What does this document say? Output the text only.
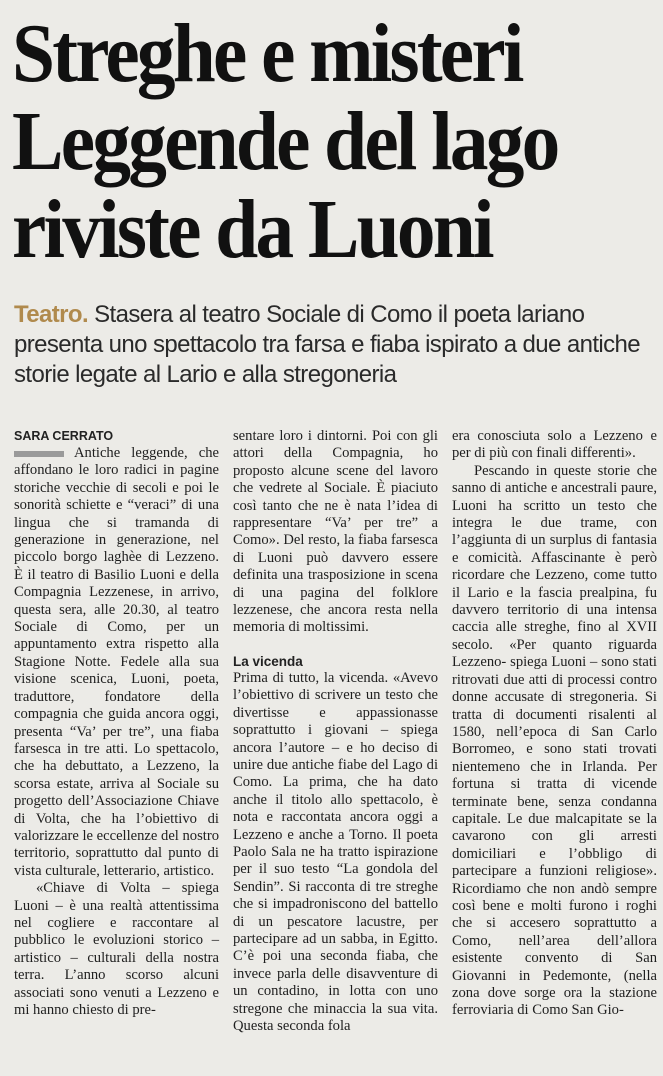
Streghe e misteri
Leggende del lago
riviste da Luoni
Teatro. Stasera al teatro Sociale di Como il poeta lariano presenta uno spettacolo tra farsa e fiaba ispirato a due antiche storie legate al Lario e alla stregoneria
SARA CERRATO

Antiche leggende, che affondano le loro radici in pagine storiche vecchie di secoli e poi le sonorità schiette e “veraci” di una lingua che si tramanda di generazione in generazione, nel piccolo borgo laghèe di Lezzeno. È il teatro di Basilio Luoni e della Compagnia Lezzenese, in arrivo, questa sera, alle 20.30, al teatro Sociale di Como, per un appuntamento extra rispetto alla Stagione Notte. Fedele alla sua visione scenica, Luoni, poeta, traduttore, fondatore della compagnia che guida ancora oggi, presenta “Va’ per tre”, una fiaba farsesca in tre atti. Lo spettacolo, che ha debuttato, a Lezzeno, la scorsa estate, arriva al Sociale su progetto dell’Associazione Chiave di Volta, che ha l’obiettivo di valorizzare le eccellenze del nostro territorio, soprattutto dal punto di vista culturale, letterario, artistico.

«Chiave di Volta – spiega Luoni – è una realtà attentissima nel cogliere e raccontare al pubblico le evoluzioni storico – artistico – culturali della nostra terra. L’anno scorso alcuni associati sono venuti a Lezzeno e mi hanno chiesto di pre-

sentare loro i dintorni. Poi con gli attori della Compagnia, ho proposto alcune scene del lavoro che vedrete al Sociale. È piaciuto così tanto che ne è nata l’idea di rappresentare “Va’ per tre” a Como». Del resto, la fiaba farsesca di Luoni può davvero essere definita una trasposizione in scena di una pagina del folklore lezzenese, che ancora resta nella memoria di moltissimi.

La vicenda

Prima di tutto, la vicenda. «Avevo l’obiettivo di scrivere un testo che divertisse e appassionasse soprattutto i giovani – spiega ancora l’autore – e ho deciso di unire due antiche fiabe del Lago di Como. La prima, che ha dato anche il titolo allo spettacolo, è nota e raccontata ancora oggi a Lezzeno e anche a Torno. Il poeta Paolo Sala ne ha tratto ispirazione per il suo testo “La gondola del Sendin”. Si racconta di tre streghe che si impadroniscono del battello di un pescatore lacustre, per partecipare ad un sabba, in Egitto. C’è poi una seconda fiaba, che invece parla delle disavventure di un contadino, in lotta con uno stregone che minaccia la sua vita. Questa seconda fola

era conosciuta solo a Lezzeno e per di più con finali differenti».

Pescando in queste storie che sanno di antiche e ancestrali paure, Luoni ha scritto un testo che integra le due trame, con l’aggiunta di un surplus di fantasia e comicità. Affascinante è però ricordare che Lezzeno, come tutto il Lario e la fascia prealpina, fu davvero territorio di una intensa caccia alle streghe, fino al XVII secolo. «Per quanto riguarda Lezzeno- spiega Luoni – sono stati ritrovati due atti di processi contro donne accusate di stregoneria. Si tratta di documenti risalenti al 1580, nell’epoca di San Carlo Borromeo, e sono stati trovati nientemeno che in Irlanda. Per fortuna si tratta di vicende terminate bene, senza condanna capitale. Le due malcapitate se la cavarono con gli arresti domiciliari e l’obbligo di partecipare a funzioni religiose». Ricordiamo che non andò sempre così bene e molti furono i roghi che si accesero soprattutto a Como, nell’area dell’allora esistente convento di San Giovanni in Pedemonte, (nella zona dove sorge ora la stazione ferroviaria di Como San Gio-
